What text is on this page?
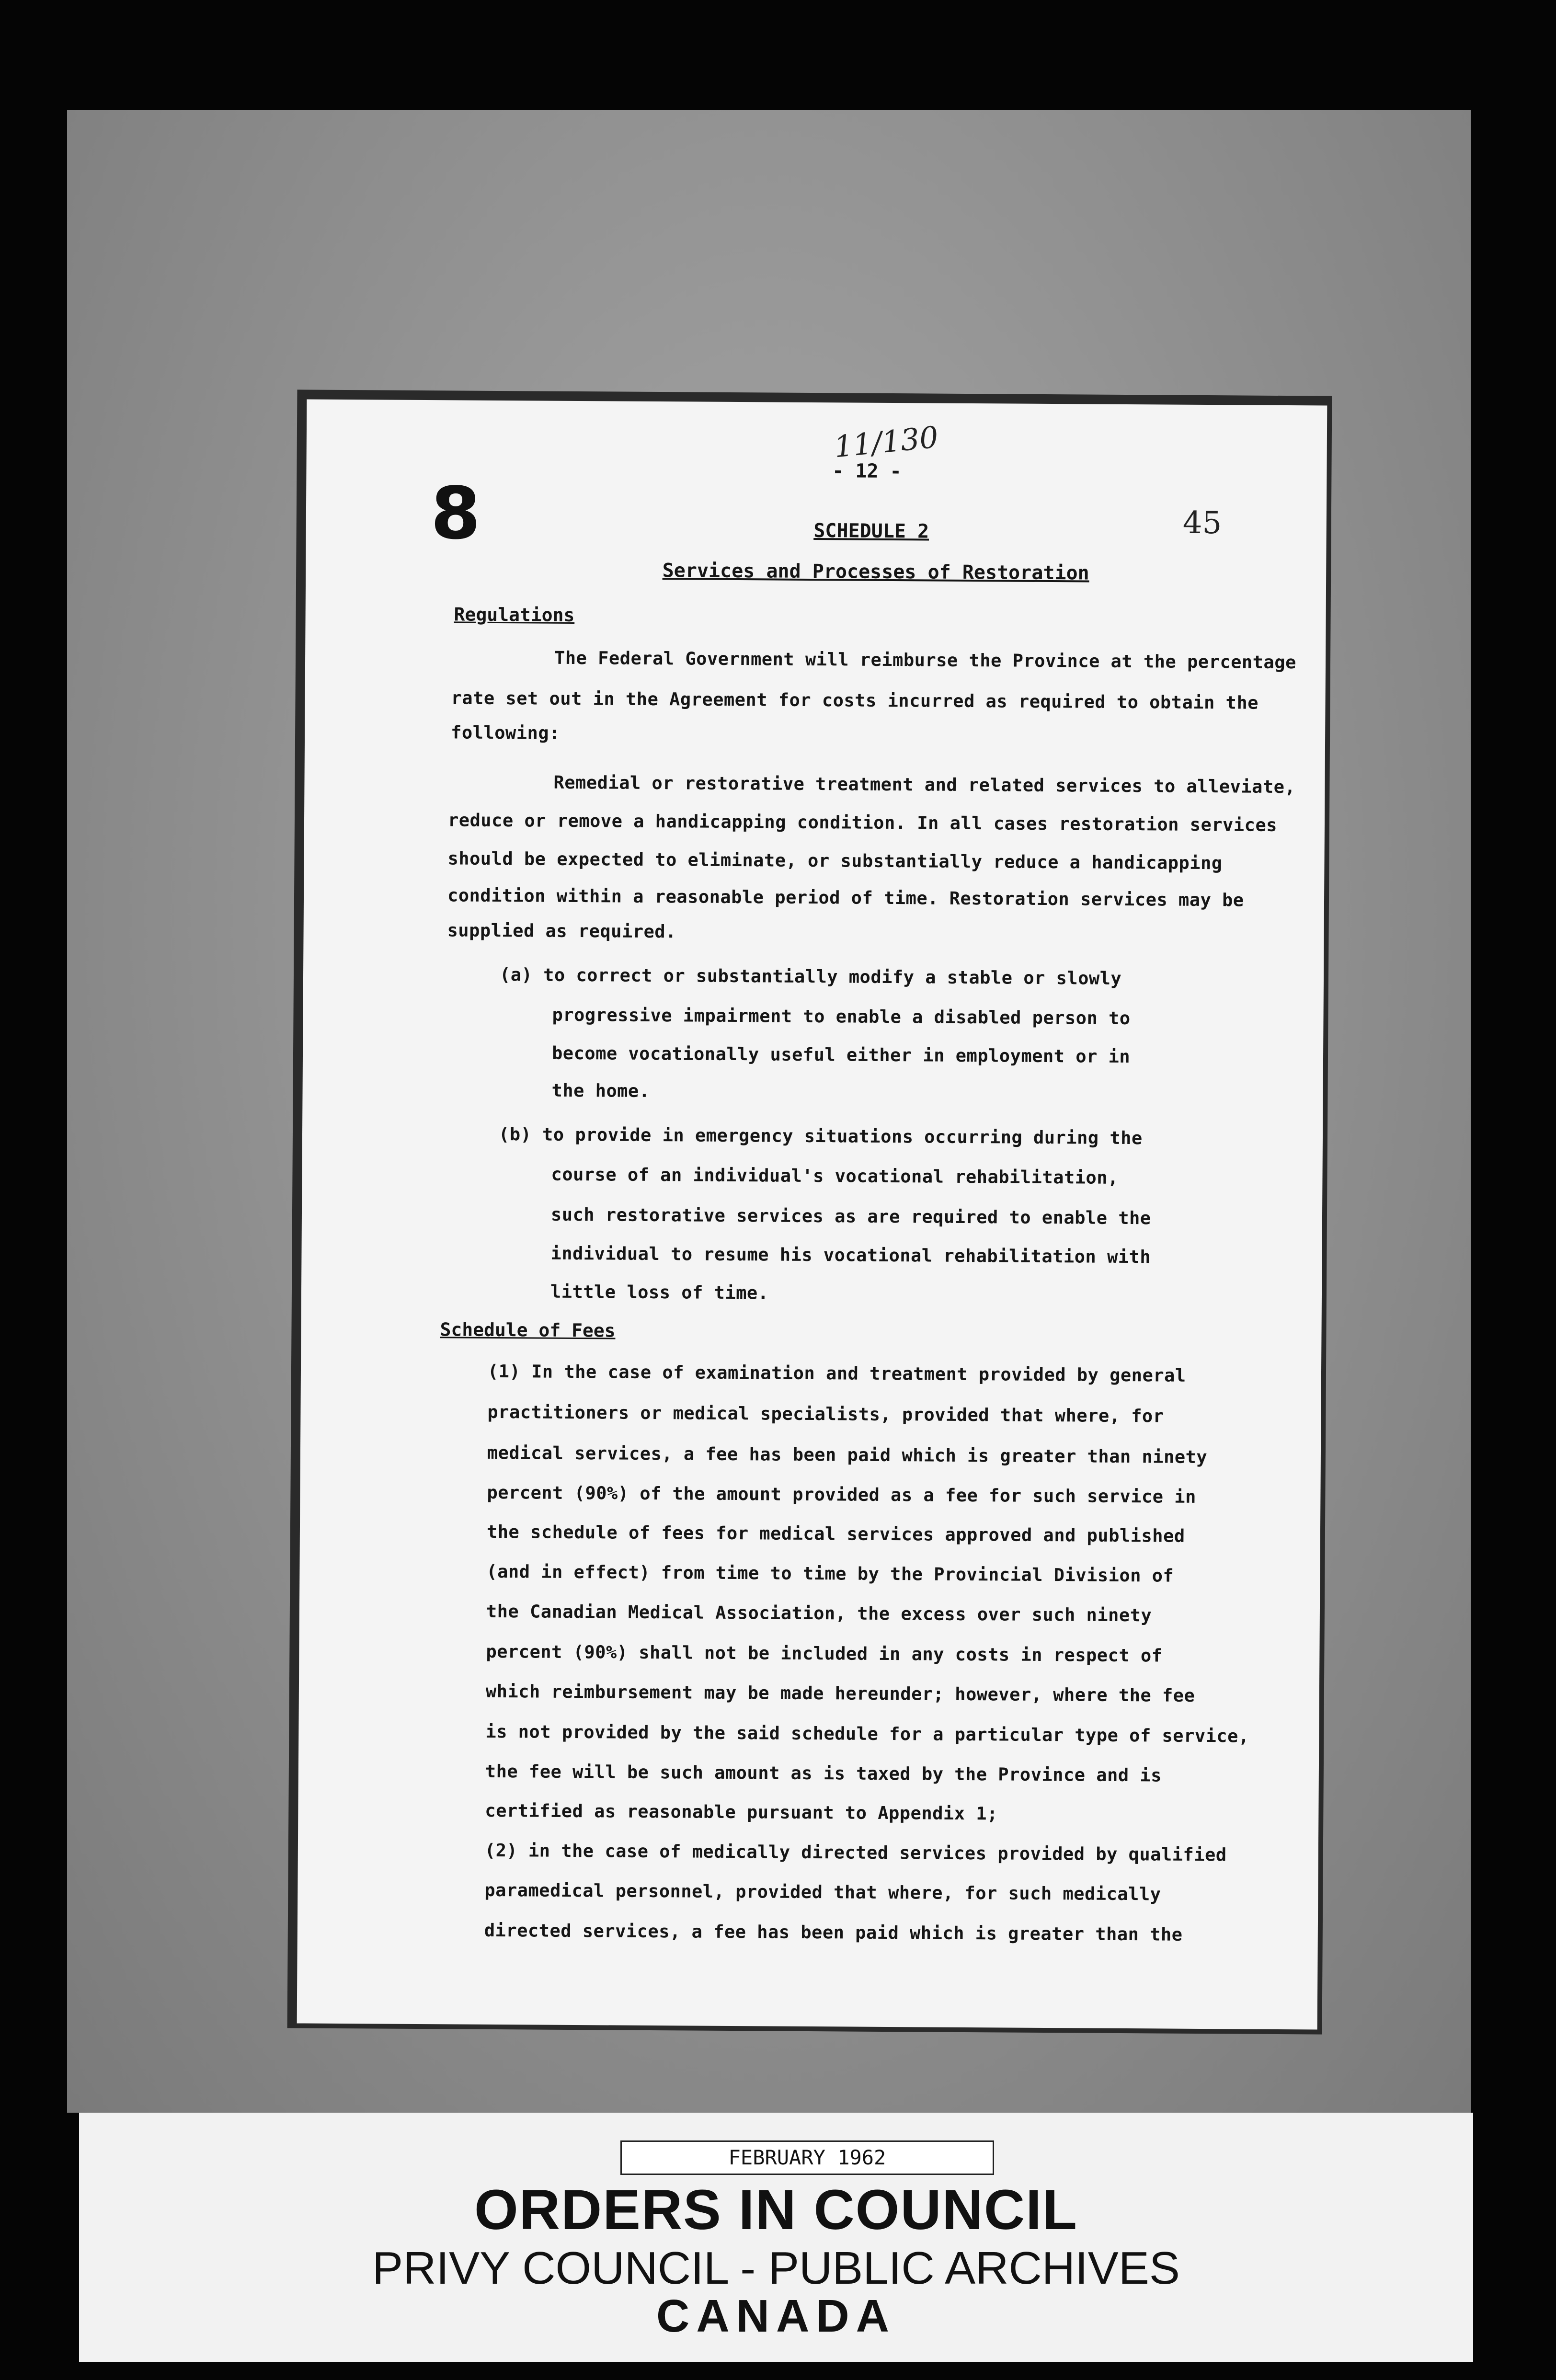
11/130
- 12 -
8	45
SCHEDULE 2
Services and Processes of Restoration
Regulations
The Federal Government will reimburse the Province at the percentage
rate set out in the Agreement for costs incurred as required to obtain the
following:
Remedial or restorative treatment and related services to alleviate,
reduce or remove a handicapping condition. In all cases restoration services
should be expected to eliminate, or substantially reduce a handicapping
condition within a reasonable period of time. Restoration services may be
supplied as required.
(a) to correct or substantially modify a stable or slowly
progressive impairment to enable a disabled person to
become vocationally useful either in employment or in
the home.
(b) to provide in emergency situations occurring during the
course of an individual's vocational rehabilitation,
such restorative services as are required to enable the
individual to resume his vocational rehabilitation with
little loss of time.
Schedule of Fees
(1) In the case of examination and treatment provided by general
practitioners or medical specialists, provided that where, for
medical services, a fee has been paid which is greater than ninety
percent (90%) of the amount provided as a fee for such service in
the schedule of fees for medical services approved and published
(and in effect) from time to time by the Provincial Division of
the Canadian Medical Association, the excess over such ninety
percent (90%) shall not be included in any costs in respect of
which reimbursement may be made hereunder; however, where the fee
is not provided by the said schedule for a particular type of service,
the fee will be such amount as is taxed by the Province and is
certified as reasonable pursuant to Appendix 1;
(2) in the case of medically directed services provided by qualified
paramedical personnel, provided that where, for such medically
directed services, a fee has been paid which is greater than the
FEBRUARY 1962
ORDERS IN COUNCIL
PRIVY COUNCIL - PUBLIC ARCHIVES
CANADA
